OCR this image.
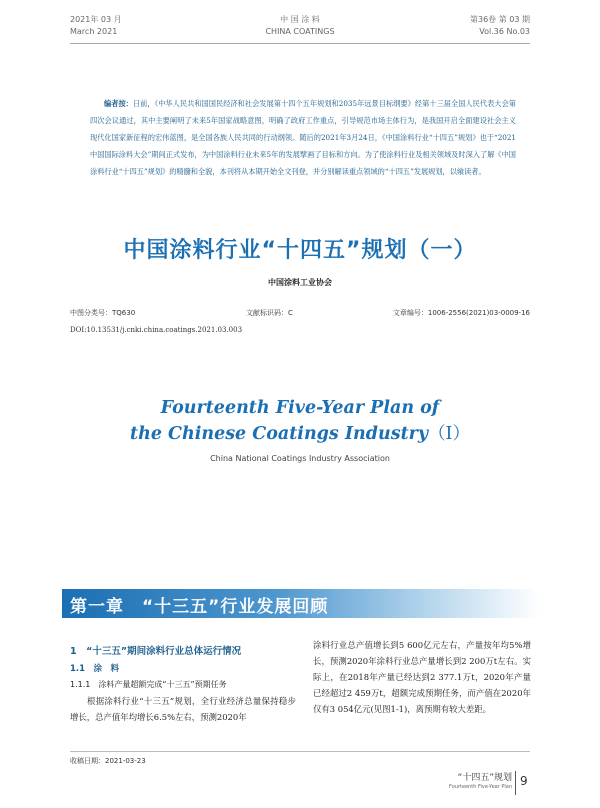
2021年 03 月
March 2021
中 国 涂 料
CHINA COATINGS
第36卷 第 03 期
Vol.36 No.03
编者按：日前，《中华人民共和国国民经济和社会发展第十四个五年规划和2035年远景目标纲要》经第十三届全国人民代表大会第四次会议通过，其中主要阐明了未来5年国家战略意图，明确了政府工作重点，引导规范市场主体行为，是我国开启全面建设社会主义现代化国家新征程的宏伟蓝图，是全国各族人民共同的行动纲领。随后的2021年3月24日，《中国涂料行业“十四五”规划》也于“2021中国国际涂料大会”期间正式发布，为中国涂料行业未来5年的发展擘画了目标和方向。为了使涂料行业及相关领域及时深入了解《中国涂料行业“十四五”规划》的精髓和全貌，本刊将从本期开始全文刊登，并分别解读重点领域的“十四五”发展规划，以飨读者。
中国涂料行业“十四五”规划（一）
中国涂料工业协会
中图分类号：TQ630	文献标识码：C	文章编号：1006-2556(2021)03-0009-16
DOI:10.13531/j.cnki.china.coatings.2021.03.003
Fourteenth Five-Year Plan of
the Chinese Coatings Industry（Ⅰ）
China National Coatings Industry Association
第一章　“十三五”行业发展回顾
1　“十三五”期间涂料行业总体运行情况
1.1　涂　料
1.1.1　涂料产量超额完成“十三五”预期任务
根据涂料行业“十三五”规划，全行业经济总量保持稳步增长，总产值年均增长6.5%左右，预测2020年
涂料行业总产值增长到5 600亿元左右，产量按年均5%增长，预测2020年涂料行业总产量增长到2 200万t左右。实际上，在2018年产量已经达到2 377.1万t，2020年产量已经超过2 459万t，超额完成预期任务，而产值在2020年仅有3 054亿元(见图1-1)，离预期有较大差距。
收稿日期：2021-03-23
“十四五”规划
Fourteenth Five-Year Plan 9
